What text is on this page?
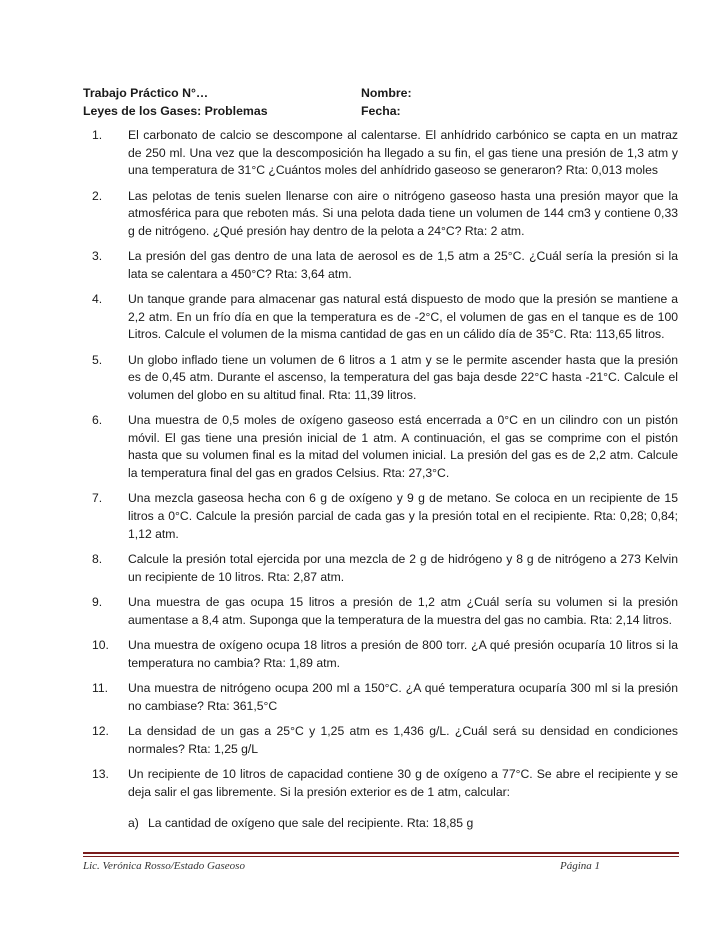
Trabajo Práctico N°…	Nombre:
Leyes de los Gases: Problemas	Fecha:
1. El carbonato de calcio se descompone al calentarse. El anhídrido carbónico se capta en un matraz de 250 ml. Una vez que la descomposición ha llegado a su fin, el gas tiene una presión de 1,3 atm y una temperatura de 31°C ¿Cuántos moles del anhídrido gaseoso se generaron? Rta: 0,013 moles
2. Las pelotas de tenis suelen llenarse con aire o nitrógeno gaseoso hasta una presión mayor que la atmosférica para que reboten más. Si una pelota dada tiene un volumen de 144 cm3 y contiene 0,33 g de nitrógeno. ¿Qué presión hay dentro de la pelota a 24°C? Rta: 2 atm.
3. La presión del gas dentro de una lata de aerosol es de 1,5 atm a 25°C. ¿Cuál sería la presión si la lata se calentara a 450°C? Rta: 3,64 atm.
4. Un tanque grande para almacenar gas natural está dispuesto de modo que la presión se mantiene a 2,2 atm. En un frío día en que la temperatura es de -2°C, el volumen de gas en el tanque es de 100 Litros. Calcule el volumen de la misma cantidad de gas en un cálido día de 35°C. Rta: 113,65 litros.
5. Un globo inflado tiene un volumen de 6 litros a 1 atm y se le permite ascender hasta que la presión es de 0,45 atm. Durante el ascenso, la temperatura del gas baja desde 22°C hasta -21°C. Calcule el volumen del globo en su altitud final. Rta: 11,39 litros.
6. Una muestra de 0,5 moles de oxígeno gaseoso está encerrada a 0°C en un cilindro con un pistón móvil. El gas tiene una presión inicial de 1 atm. A continuación, el gas se comprime con el pistón hasta que su volumen final es la mitad del volumen inicial. La presión del gas es de 2,2 atm. Calcule la temperatura final del gas en grados Celsius. Rta: 27,3°C.
7. Una mezcla gaseosa hecha con 6 g de oxígeno y 9 g de metano. Se coloca en un recipiente de 15 litros a 0°C. Calcule la presión parcial de cada gas y la presión total en el recipiente. Rta: 0,28; 0,84; 1,12 atm.
8. Calcule la presión total ejercida por una mezcla de 2 g de hidrógeno y 8 g de nitrógeno a 273 Kelvin un recipiente de 10 litros. Rta: 2,87 atm.
9. Una muestra de gas ocupa 15 litros a presión de 1,2 atm ¿Cuál sería su volumen si la presión aumentase a 8,4 atm. Suponga que la temperatura de la muestra del gas no cambia. Rta: 2,14 litros.
10. Una muestra de oxígeno ocupa 18 litros a presión de 800 torr. ¿A qué presión ocuparía 10 litros si la temperatura no cambia? Rta: 1,89 atm.
11. Una muestra de nitrógeno ocupa 200 ml a 150°C. ¿A qué temperatura ocuparía 300 ml si la presión no cambiase? Rta: 361,5°C
12. La densidad de un gas a 25°C y 1,25 atm es 1,436 g/L. ¿Cuál será su densidad en condiciones normales? Rta: 1,25 g/L
13. Un recipiente de 10 litros de capacidad contiene 30 g de oxígeno a 77°C. Se abre el recipiente y se deja salir el gas libremente. Si la presión exterior es de 1 atm, calcular:
a) La cantidad de oxígeno que sale del recipiente. Rta: 18,85 g
Lic. Verónica Rosso/Estado Gaseoso	Página 1
